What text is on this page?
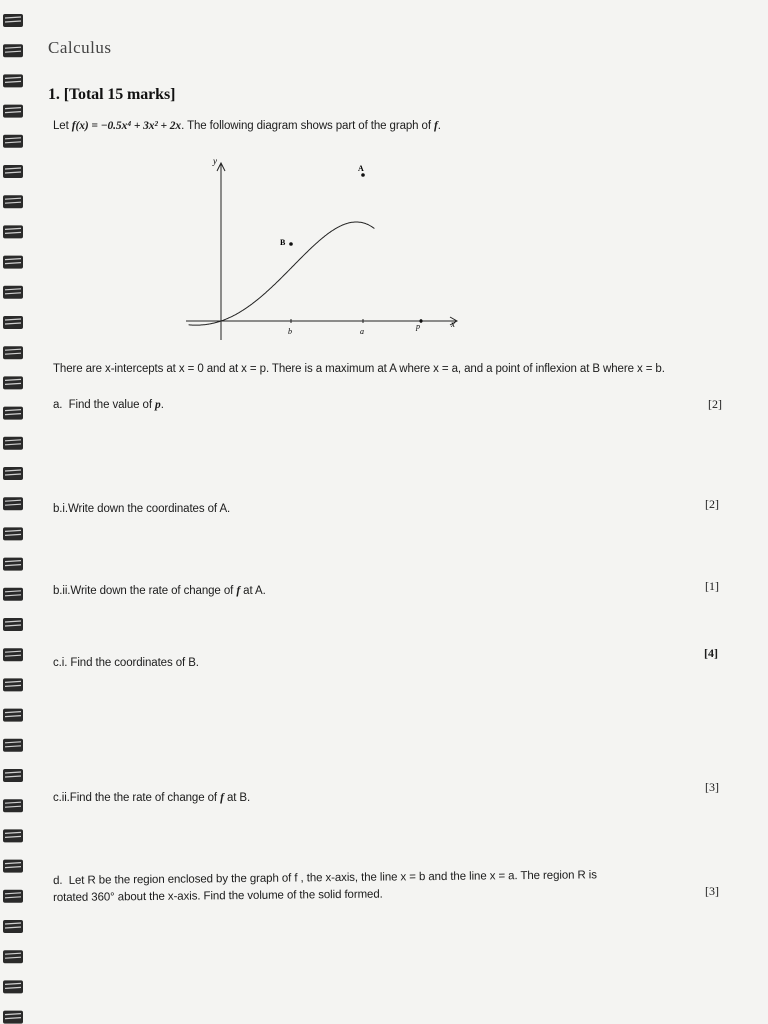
Calculus
1. [Total 15 marks]
Let f(x) = −0.5x⁴ + 3x² + 2x. The following diagram shows part of the graph of f.
y
x
b	a
p
A
B
There are x-intercepts at x = 0 and at x = p. There is a maximum at A where x = a, and a point of inflexion at B where x = b.
a. Find the value of p.	[2]
b.i.Write down the coordinates of A.	[2]
b.ii.Write down the rate of change of f at A.	[1]
c.i. Find the coordinates of B.
[4]
c.ii.Find the the rate of change of f at B.
[3]
d. Let R be the region enclosed by the graph of f , the x-axis, the line x = b and the line x = a. The region R is
rotated 360° about the x-axis. Find the volume of the solid formed.	[3]
